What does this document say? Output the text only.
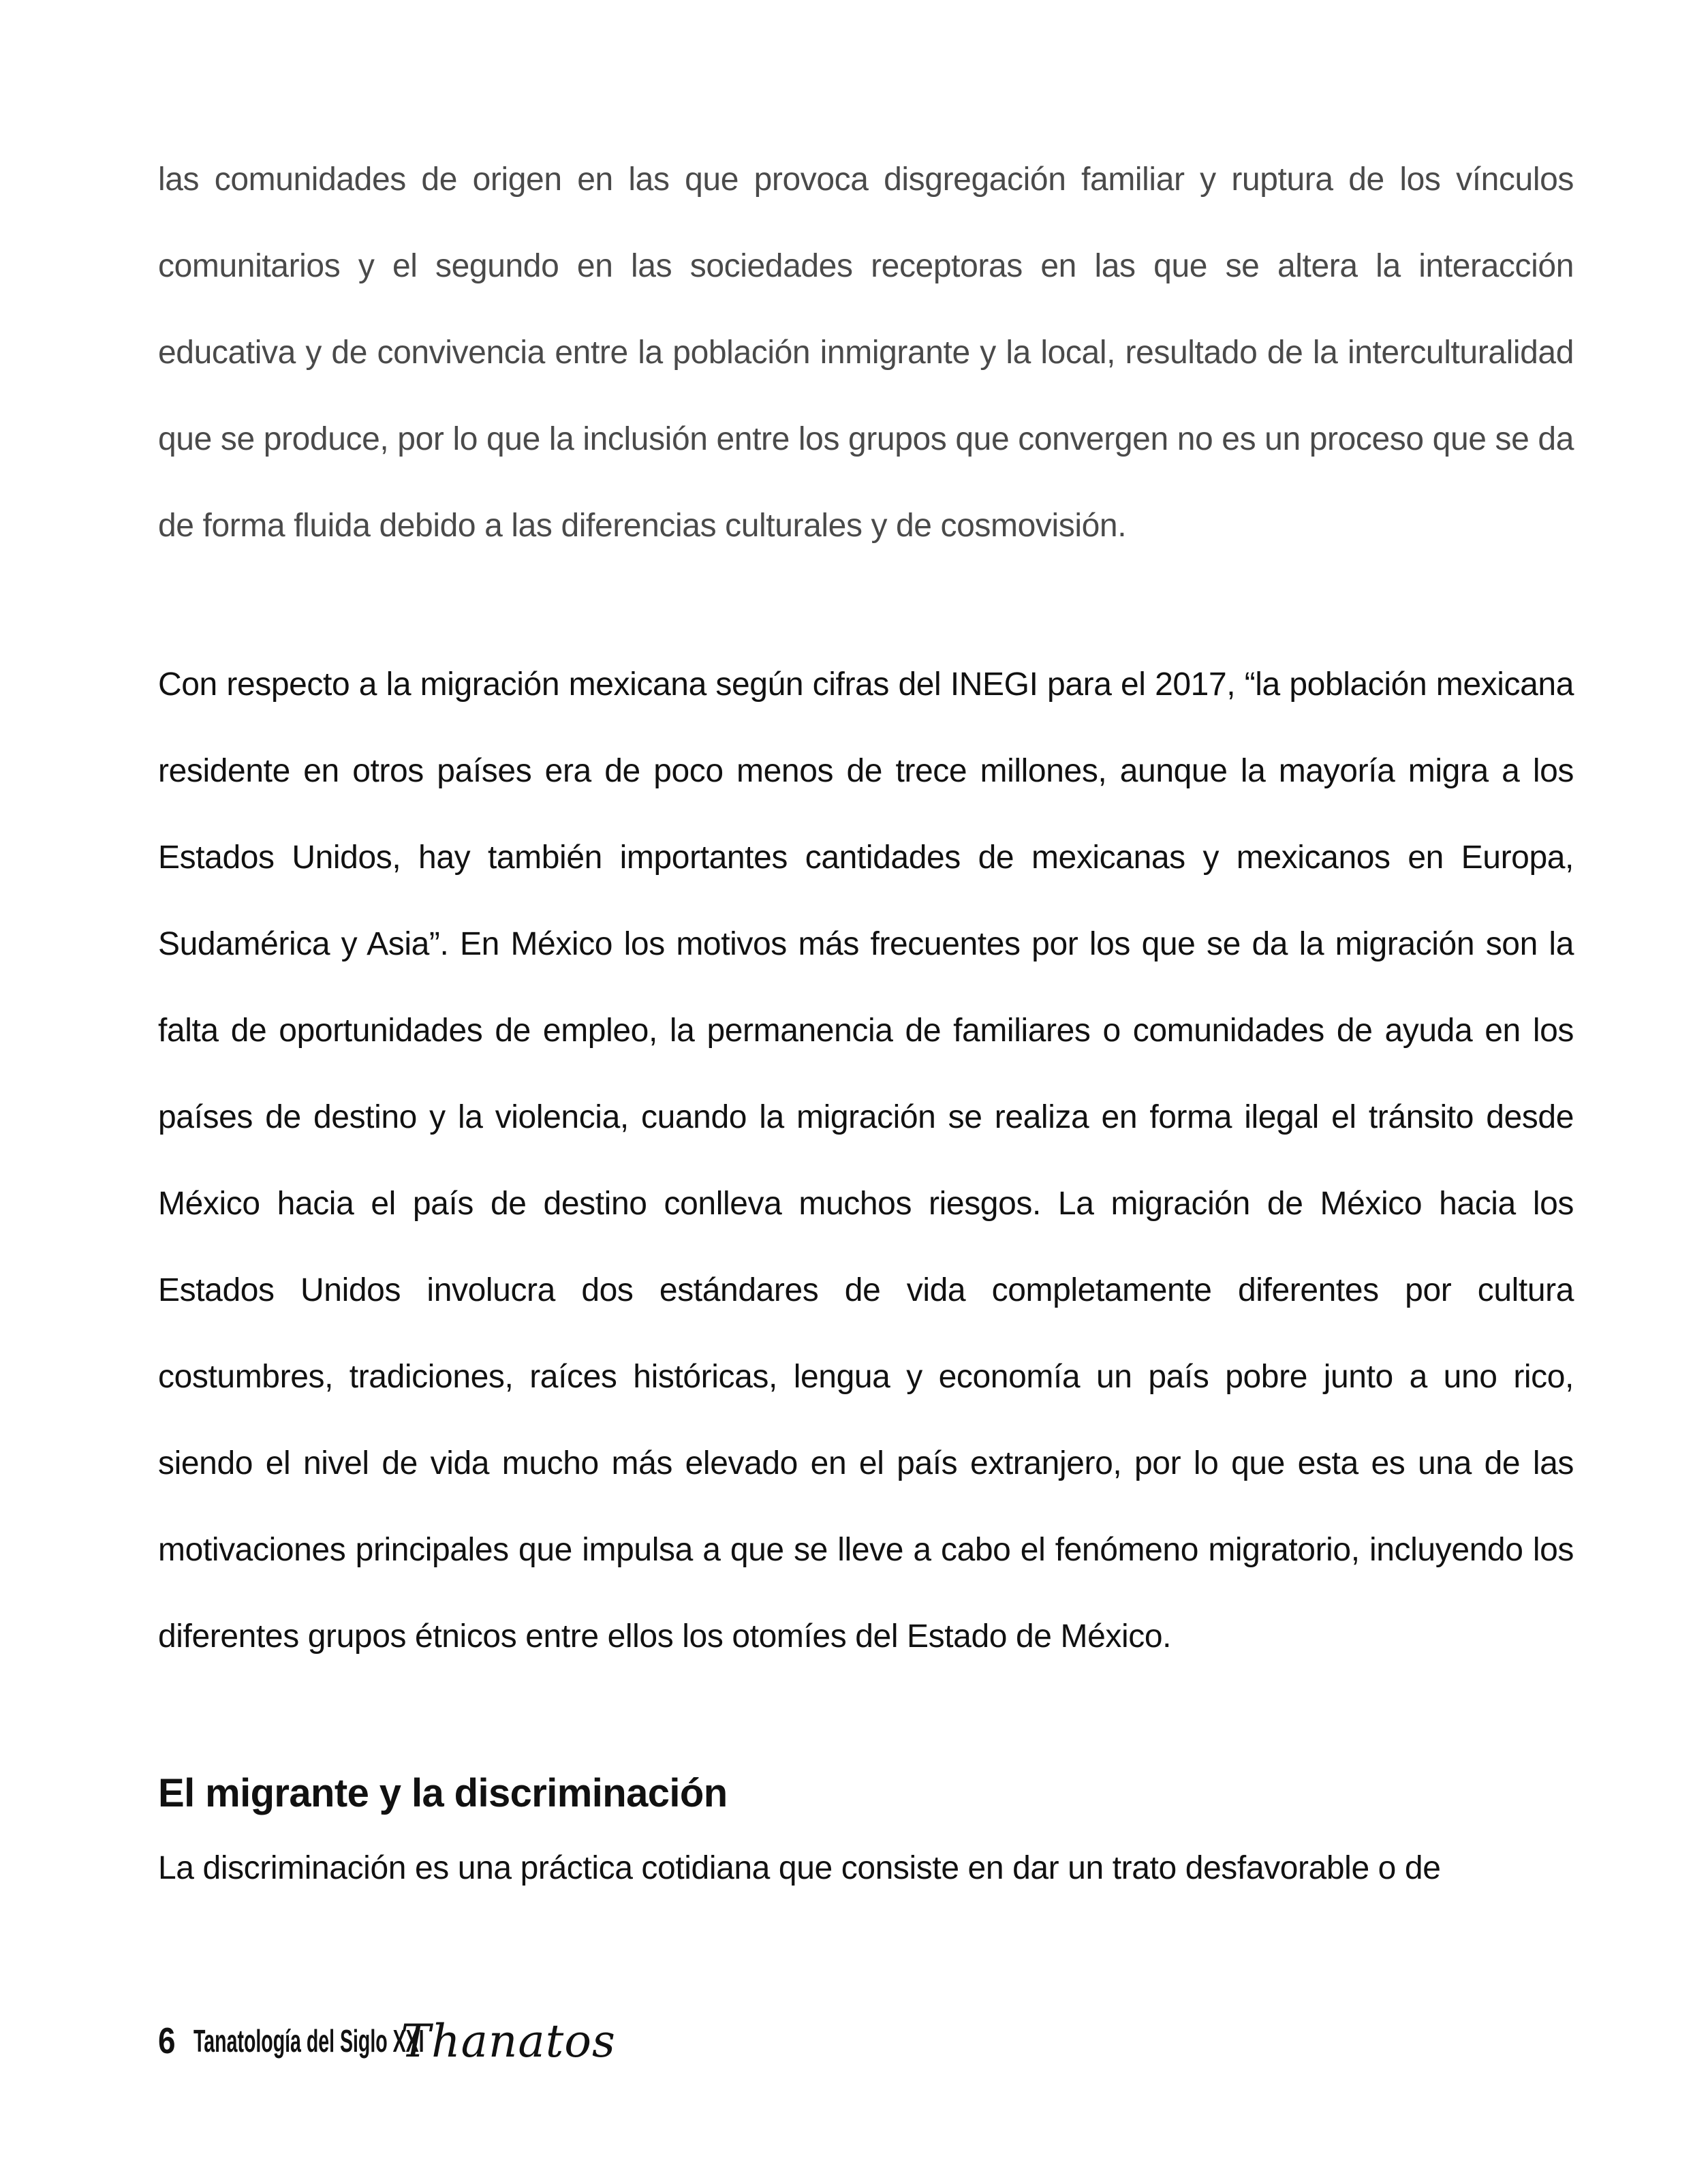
las comunidades de origen en las que provoca disgregación familiar y ruptura de los vínculos comunitarios y el segundo en las sociedades receptoras en las que se altera la interacción educativa y de convivencia entre la población inmigrante y la local, resultado de la interculturalidad que se produce, por lo que la inclusión entre los grupos que convergen no es un proceso que se da de forma fluida debido a las diferencias culturales y de cosmovisión.

Con respecto a la migración mexicana según cifras del INEGI para el 2017, “la población mexicana residente en otros países era de poco menos de trece millones, aunque la mayoría migra a los Estados Unidos, hay también importantes cantidades de mexicanas y mexicanos en Europa, Sudamérica y Asia”. En México los motivos más frecuentes por los que se da la migración son la falta de oportunidades de empleo, la permanencia de familiares o comunidades de ayuda en los países de destino y la violencia, cuando la migración se realiza en forma ilegal el tránsito desde México hacia el país de destino conlleva muchos riesgos. La migración de México hacia los Estados Unidos involucra dos estándares de vida completamente diferentes por cultura costumbres, tradiciones, raíces históricas, lengua y economía un país pobre junto a uno rico, siendo el nivel de vida mucho más elevado en el país extranjero, por lo que esta es una de las motivaciones principales que impulsa a que se lleve a cabo el fenómeno migratorio, incluyendo los diferentes grupos étnicos entre ellos los otomíes del Estado de México.

El migrante y la discriminación

La discriminación es una práctica cotidiana que consiste en dar un trato desfavorable o de

6 Tanatología del Siglo XXI
Thanatos
